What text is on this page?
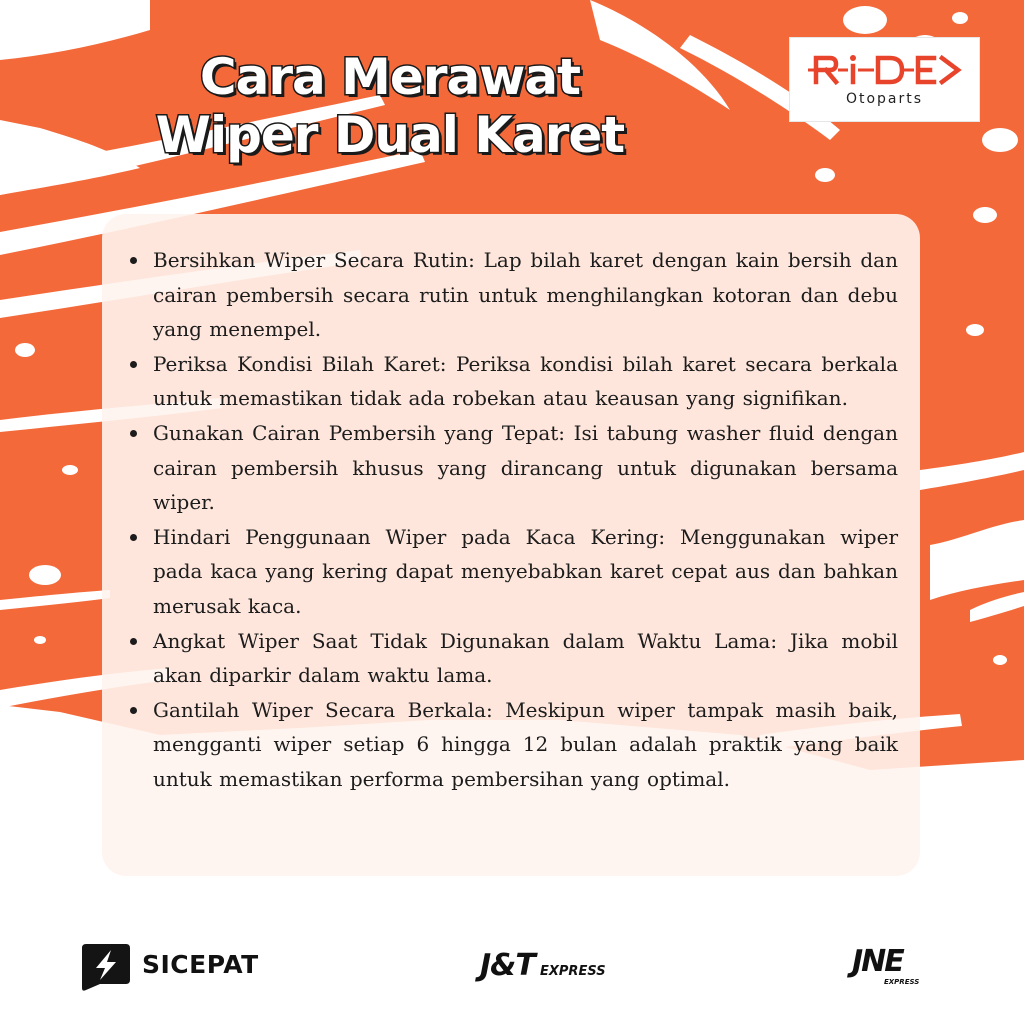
Cara Merawat
Wiper Dual Karet
Otoparts
Bersihkan Wiper Secara Rutin: Lap bilah karet dengan kain bersih dan cairan pembersih secara rutin untuk menghilangkan kotoran dan debu yang menempel.
Periksa Kondisi Bilah Karet: Periksa kondisi bilah karet secara berkala untuk memastikan tidak ada robekan atau keausan yang signifikan.
Gunakan Cairan Pembersih yang Tepat: Isi tabung washer fluid dengan cairan pembersih khusus yang dirancang untuk digunakan bersama wiper.
Hindari Penggunaan Wiper pada Kaca Kering: Menggunakan wiper pada kaca yang kering dapat menyebabkan karet cepat aus dan bahkan merusak kaca.
Angkat Wiper Saat Tidak Digunakan dalam Waktu Lama: Jika mobil akan diparkir dalam waktu lama.
Gantilah Wiper Secara Berkala: Meskipun wiper tampak masih baik, mengganti wiper setiap 6 hingga 12 bulan adalah praktik yang baik untuk memastikan performa pembersihan yang optimal.
SICEPAT	J&T EXPRESS	JNE
EXPRESS
